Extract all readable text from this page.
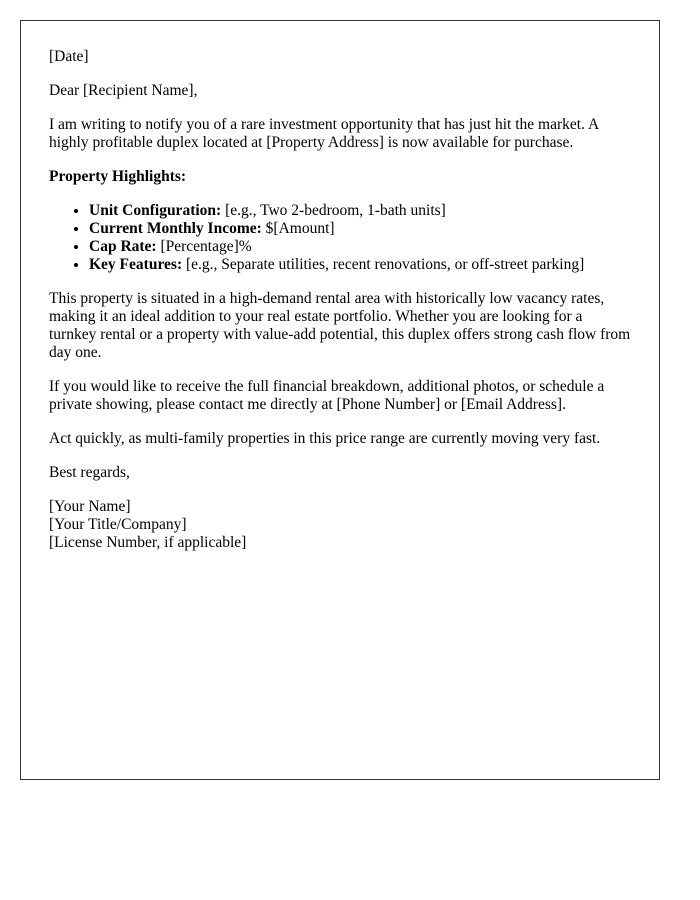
[Date]

Dear [Recipient Name],

I am writing to notify you of a rare investment opportunity that has just hit the market. A highly profitable duplex located at [Property Address] is now available for purchase.

Property Highlights:

• Unit Configuration: [e.g., Two 2-bedroom, 1-bath units]
• Current Monthly Income: $[Amount]
• Cap Rate: [Percentage]%
• Key Features: [e.g., Separate utilities, recent renovations, or off-street parking]

This property is situated in a high-demand rental area with historically low vacancy rates, making it an ideal addition to your real estate portfolio. Whether you are looking for a turnkey rental or a property with value-add potential, this duplex offers strong cash flow from day one.

If you would like to receive the full financial breakdown, additional photos, or schedule a private showing, please contact me directly at [Phone Number] or [Email Address].

Act quickly, as multi-family properties in this price range are currently moving very fast.

Best regards,

[Your Name]

[Your Title/Company]

[License Number, if applicable]
